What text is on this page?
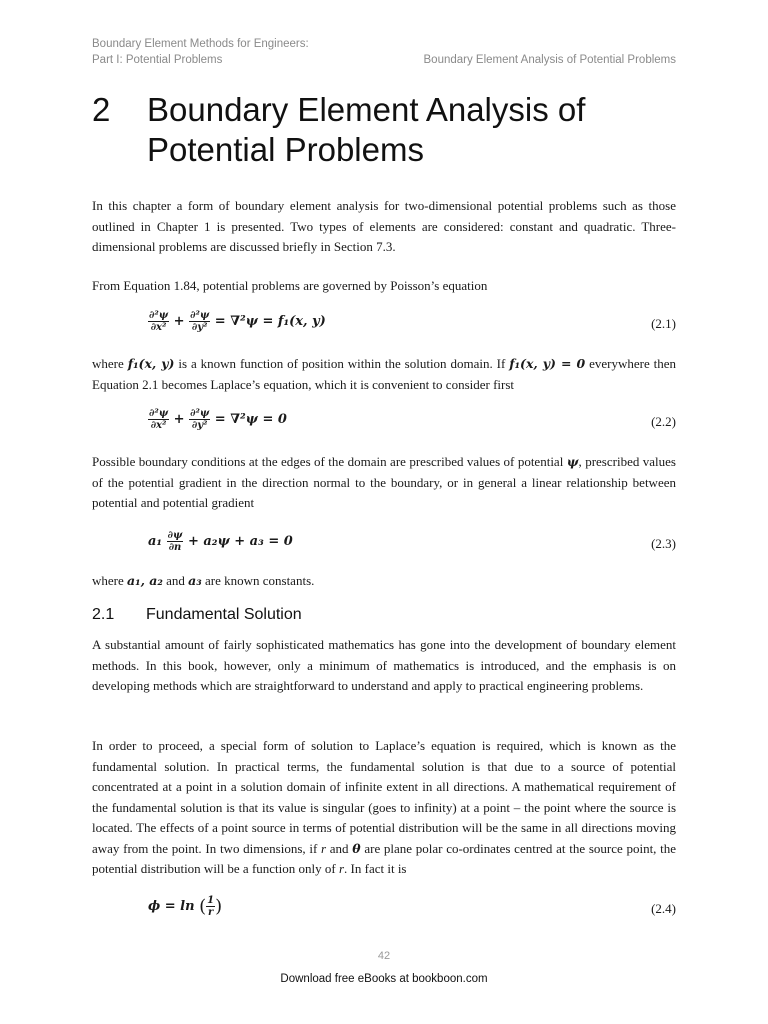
Boundary Element Methods for Engineers:
Part I: Potential Problems	Boundary Element Analysis of Potential Problems
2 Boundary Element Analysis of Potential Problems
In this chapter a form of boundary element analysis for two-dimensional potential problems such as those outlined in Chapter 1 is presented. Two types of elements are considered: constant and quadratic. Three-dimensional problems are discussed briefly in Section 7.3.
From Equation 1.84, potential problems are governed by Poisson’s equation
$\frac{\text{∂²ψ}}{\text{∂x²}} + \frac{\text{∂²ψ}}{\text{∂y²}} = \nabla^2\psi = f_1(x$, y)	(2.1)
where f₁(x, y) is a known function of position within the solution domain. If f₁(x, y) = 0 everywhere then Equation 2.1 becomes Laplace’s equation, which it is convenient to consider first
$\frac{\text{∂²ψ}}{\text{∂x²}} + \frac{\text{∂²ψ}}{\text{∂y²}} = \nabla^2\psi = 0$	(2.2)
Possible boundary conditions at the edges of the domain are prescribed values of potential ψ, prescribed values of the potential gradient in the direction normal to the boundary, or in general a linear relationship between potential and potential gradient
$a_1 \frac{\partial\psi}{\partial n} + a_2\psi + a_3 = 0$	(2.3)
where a₁, a₂ and a₃ are known constants.
2.1 Fundamental Solution
A substantial amount of fairly sophisticated mathematics has gone into the development of boundary element methods. In this book, however, only a minimum of mathematics is introduced, and the emphasis is on developing methods which are straightforward to understand and apply to practical engineering problems.
In order to proceed, a special form of solution to Laplace’s equation is required, which is known as the fundamental solution. In practical terms, the fundamental solution is that due to a source of potential concentrated at a point in a solution domain of infinite extent in all directions. A mathematical requirement of the fundamental solution is that its value is singular (goes to infinity) at a point – the point where the source is located. The effects of a point source in terms of potential distribution will be the same in all directions moving away from the point. In two dimensions, if r and θ are plane polar co-ordinates centred at the source point, the potential distribution will be a function only of r. In fact it is
ϕ = ln ( $\frac{1}{r}$ )	(2.4)
42
Download free eBooks at bookboon.com
